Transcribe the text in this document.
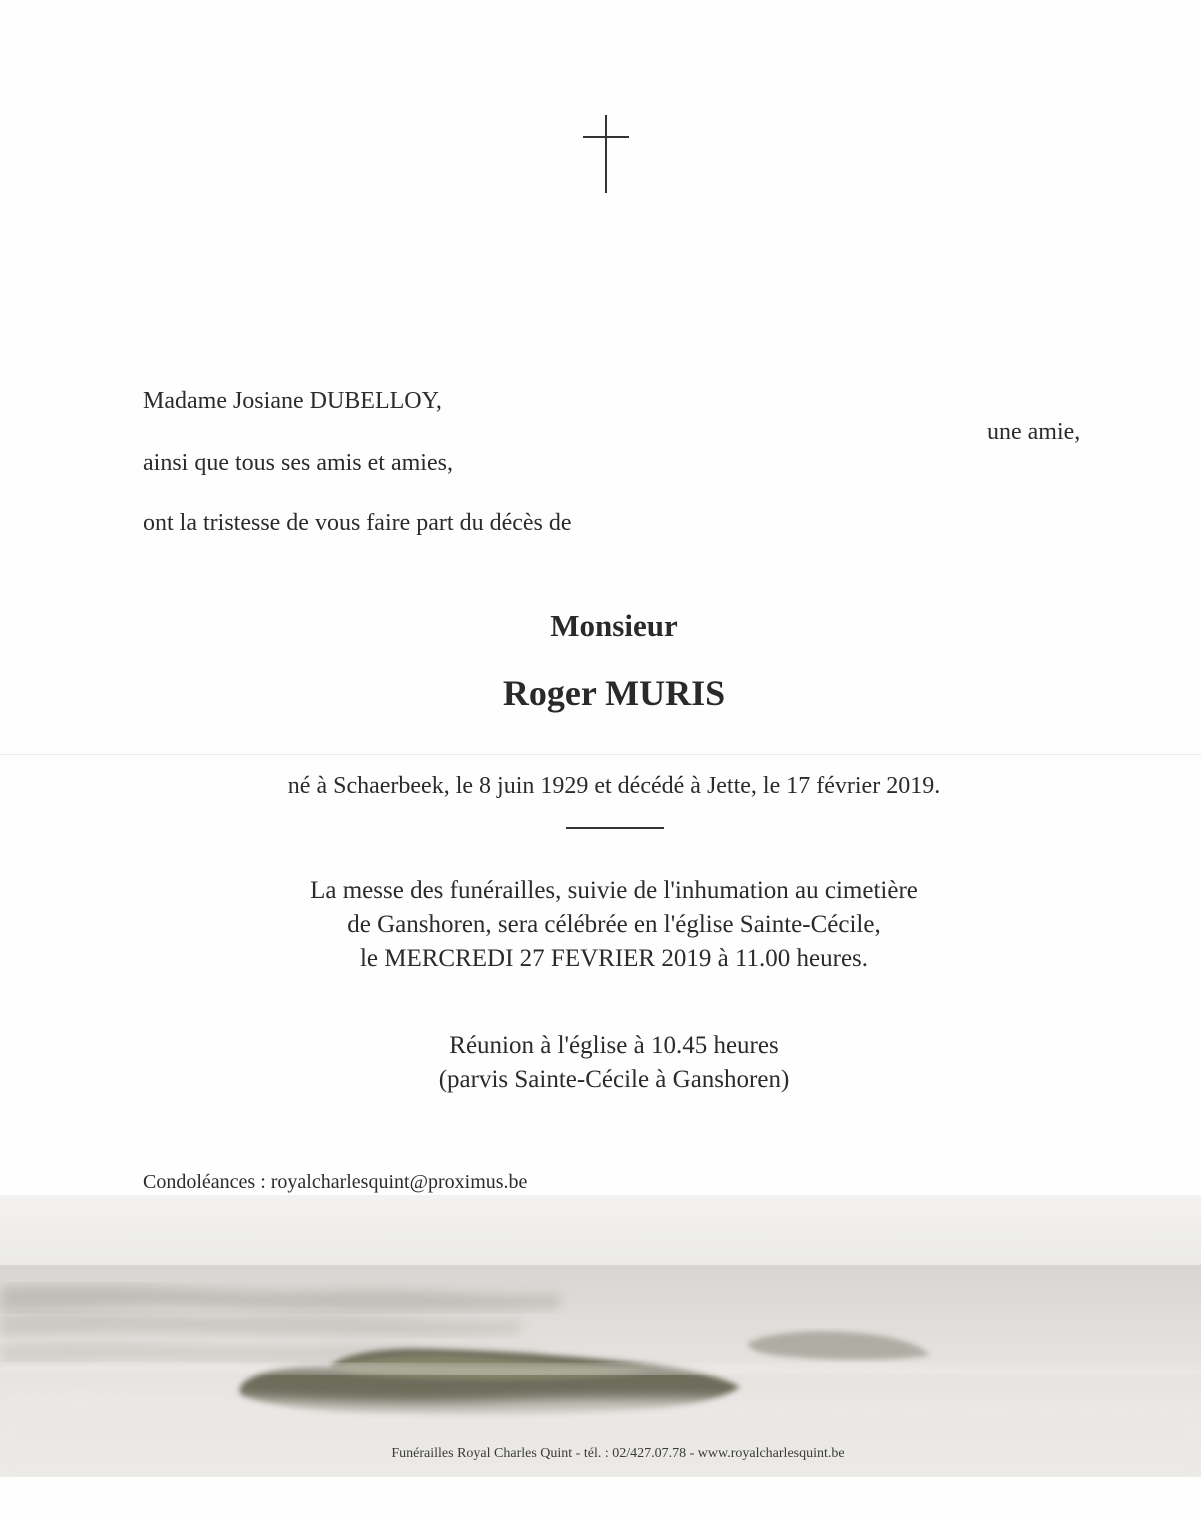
Madame Josiane DUBELLOY,
une amie,
ainsi que tous ses amis et amies,
ont la tristesse de vous faire part du décès de
Monsieur
Roger MURIS
né à Schaerbeek, le 8 juin 1929 et décédé à Jette, le 17 février 2019.
La messe des funérailles, suivie de l'inhumation au cimetière
de Ganshoren, sera célébrée en l'église Sainte-Cécile,
le MERCREDI 27 FEVRIER 2019 à 11.00 heures.
Réunion à l'église à 10.45 heures
(parvis Sainte-Cécile à Ganshoren)
Condoléances : royalcharlesquint@proximus.be
Funérailles Royal Charles Quint - tél. : 02/427.07.78 - www.royalcharlesquint.be
